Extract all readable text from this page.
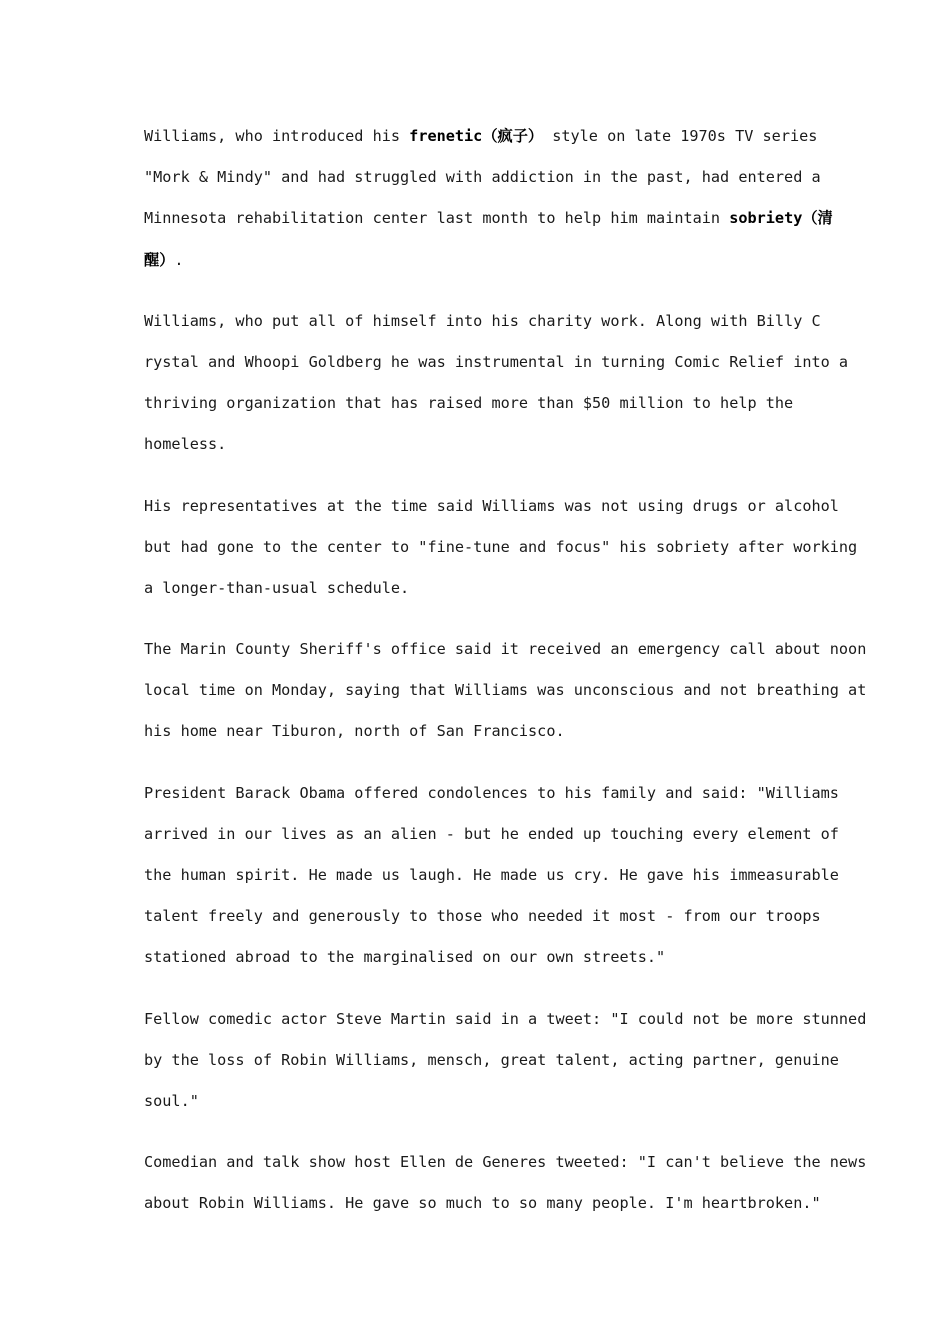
Williams, who introduced his frenetic（疯子） style on late 1970s TV series
"Mork & Mindy" and had struggled with addiction in the past, had entered a
Minnesota rehabilitation center last month to help him maintain sobriety（清
醒）.
Williams, who put all of himself into his charity work. Along with Billy C
rystal and Whoopi Goldberg he was instrumental in turning Comic Relief into a
thriving organization that has raised more than $50 million to help the
homeless.
His representatives at the time said Williams was not using drugs or alcohol
but had gone to the center to "fine-tune and focus" his sobriety after working
a longer-than-usual schedule.
The Marin County Sheriff's office said it received an emergency call about noon
local time on Monday, saying that Williams was unconscious and not breathing at
his home near Tiburon, north of San Francisco.
President Barack Obama offered condolences to his family and said: "Williams
arrived in our lives as an alien - but he ended up touching every element of
the human spirit. He made us laugh. He made us cry. He gave his immeasurable
talent freely and generously to those who needed it most - from our troops
stationed abroad to the marginalised on our own streets."
Fellow comedic actor Steve Martin said in a tweet: "I could not be more stunned
by the loss of Robin Williams, mensch, great talent, acting partner, genuine
soul."
Comedian and talk show host Ellen de Generes tweeted: "I can't believe the news
about Robin Williams. He gave so much to so many people. I'm heartbroken."
